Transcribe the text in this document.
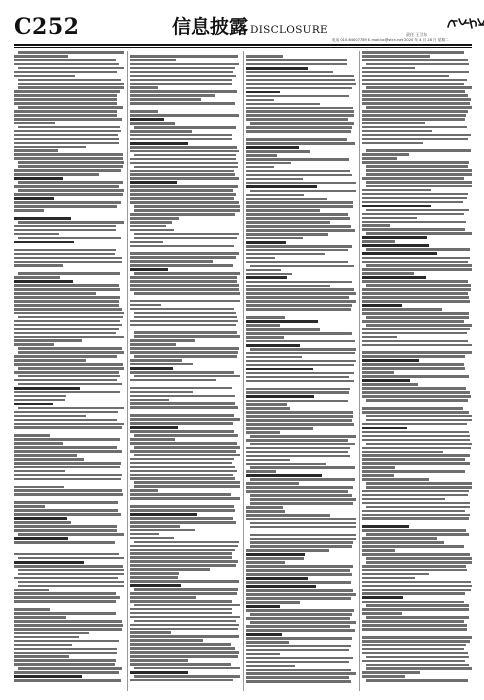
C252	信息披露 DISCLOSURE	责任 王卫东
电话 010-64007789 E-mail:bx@stcn.net 2020 年 4 月 28 日 星期二
